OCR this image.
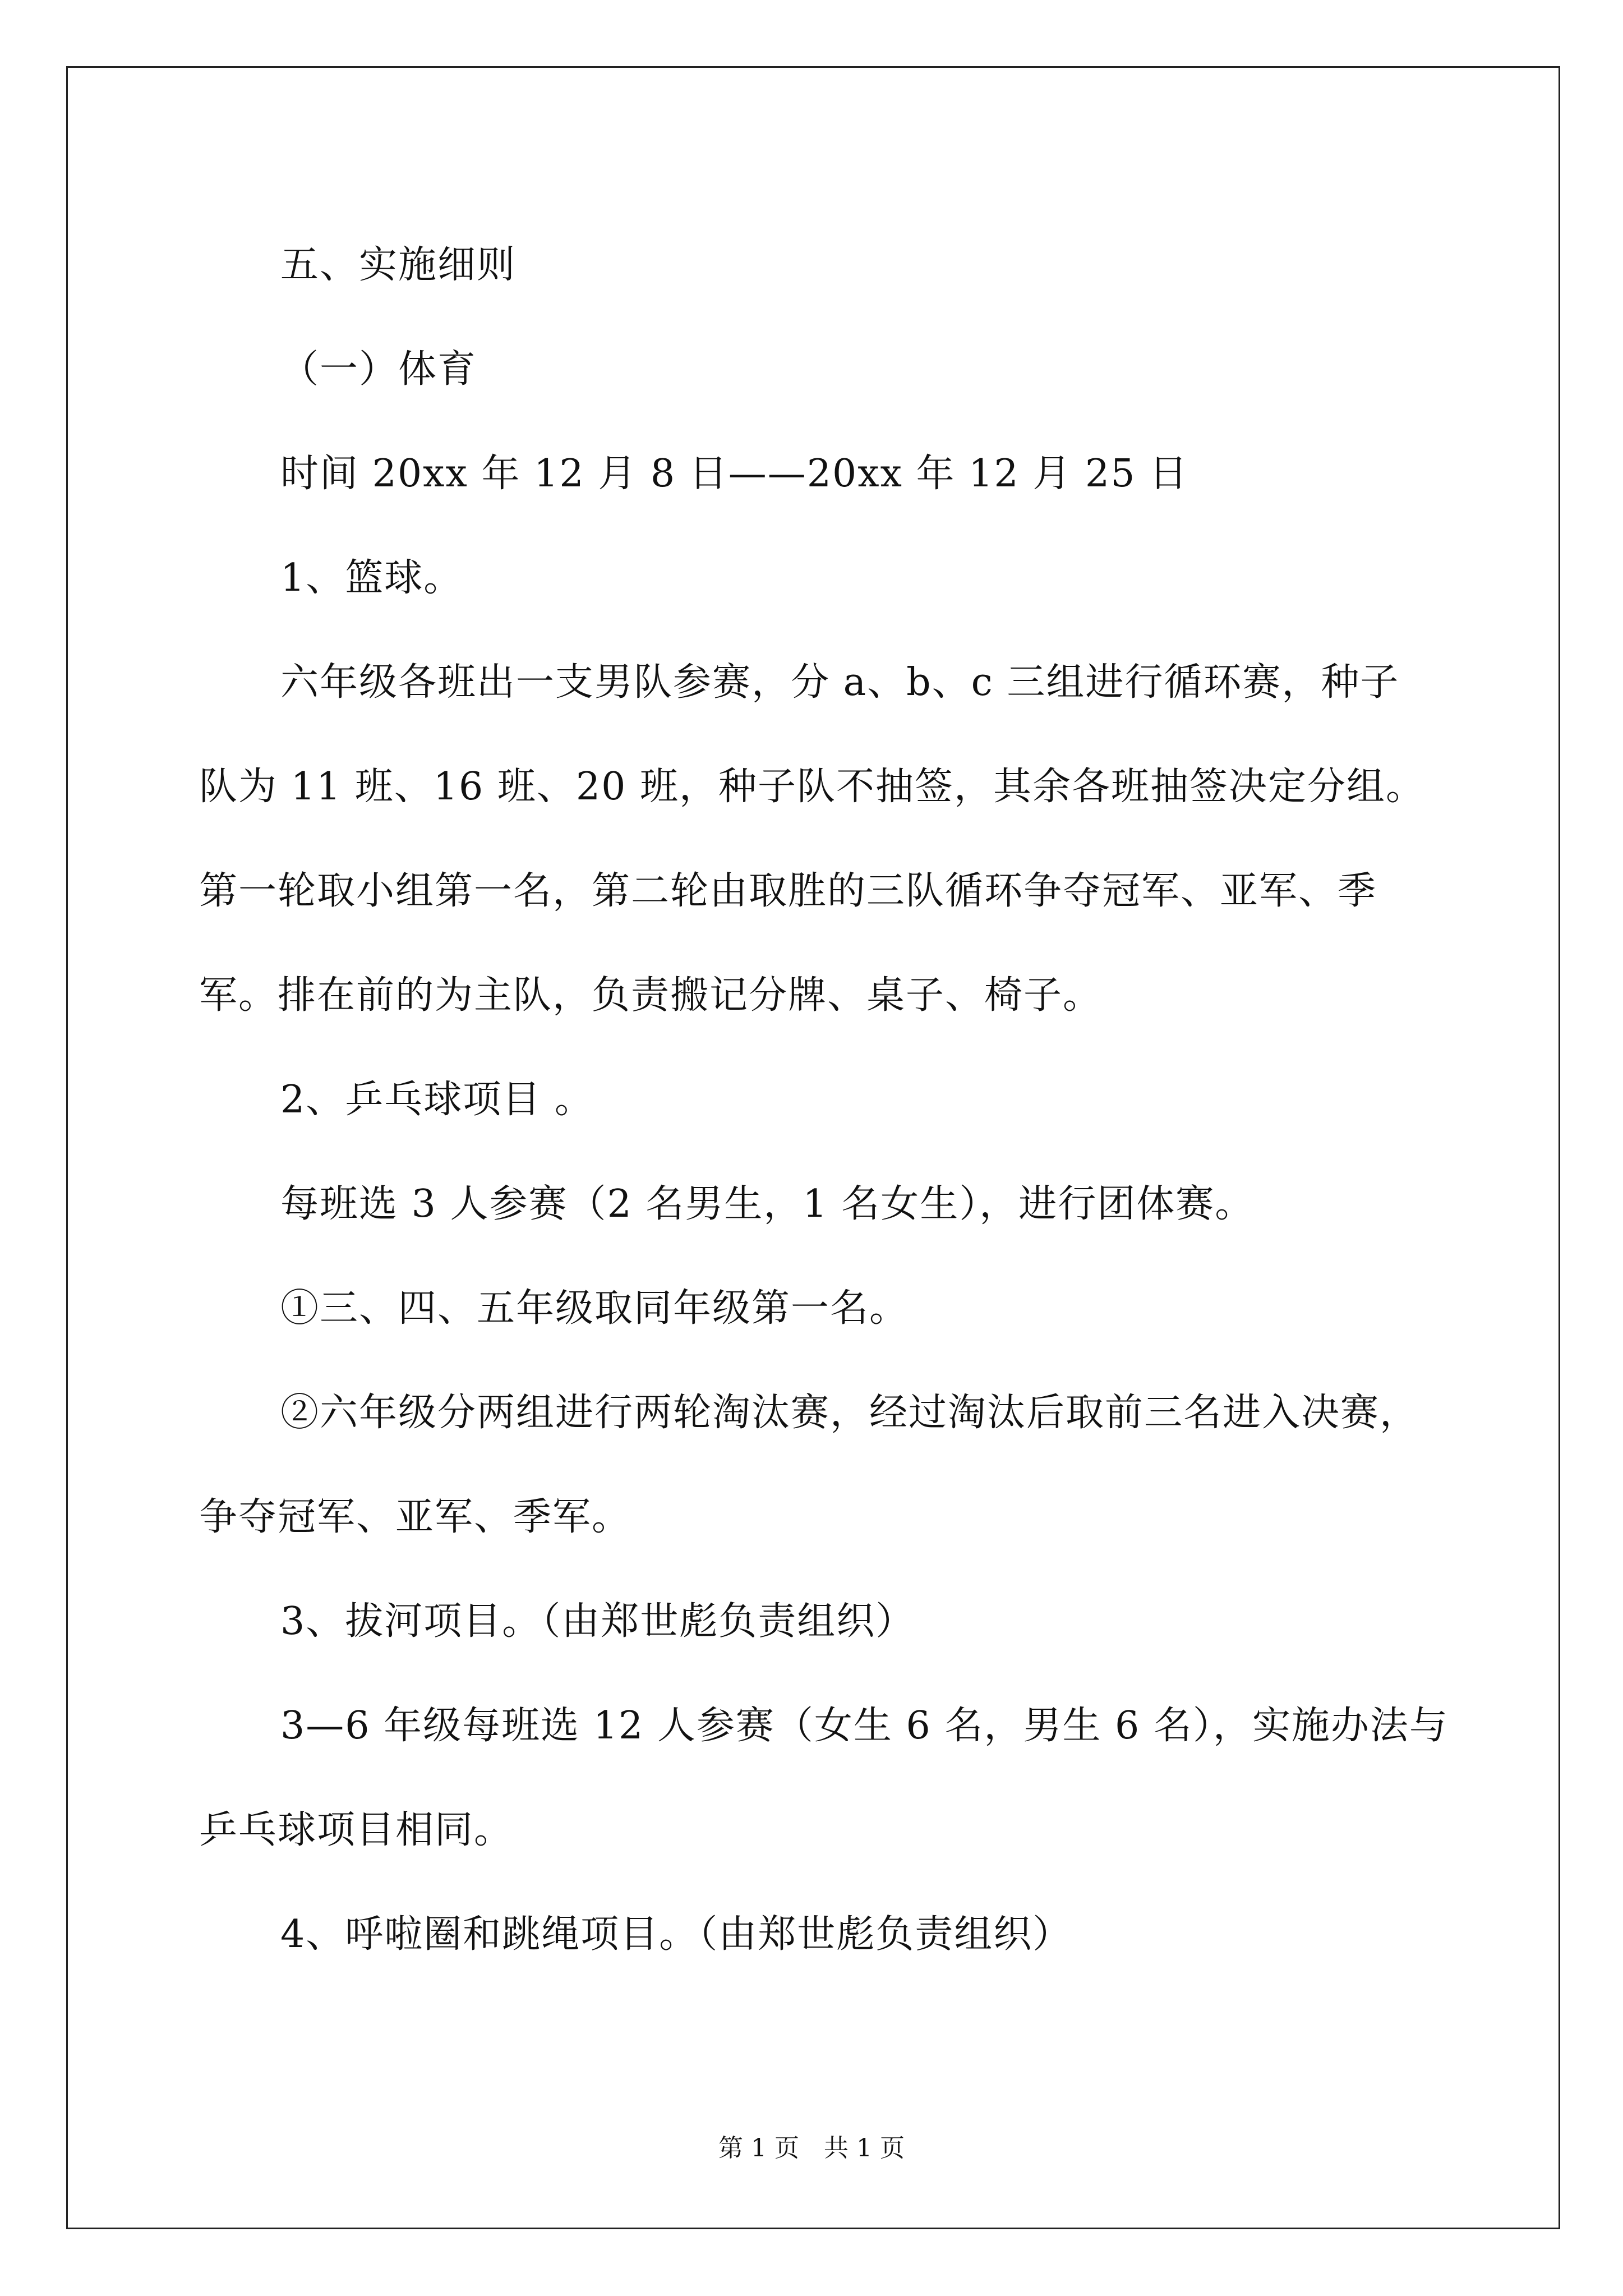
五、实施细则

（一）体育

时间 20xx 年 12 月 8 日——20xx 年 12 月 25 日

1、篮球。

六年级各班出一支男队参赛，分 a、b、c 三组进行循环赛，种子

队为 11 班、16 班、20 班，种子队不抽签，其余各班抽签决定分组。

第一轮取小组第一名，第二轮由取胜的三队循环争夺冠军、亚军、季

军。排在前的为主队，负责搬记分牌、桌子、椅子。

2、乒乓球项目 。

每班选 3 人参赛（2 名男生，1 名女生），进行团体赛。

①三、四、五年级取同年级第一名。

②六年级分两组进行两轮淘汰赛，经过淘汰后取前三名进入决赛，

争夺冠军、亚军、季军。

3、拔河项目。（由郑世彪负责组织）

3—6 年级每班选 12 人参赛（女生 6 名，男生 6 名），实施办法与

乒乓球项目相同。

4、呼啦圈和跳绳项目。（由郑世彪负责组织）

第 1 页　共 1 页
